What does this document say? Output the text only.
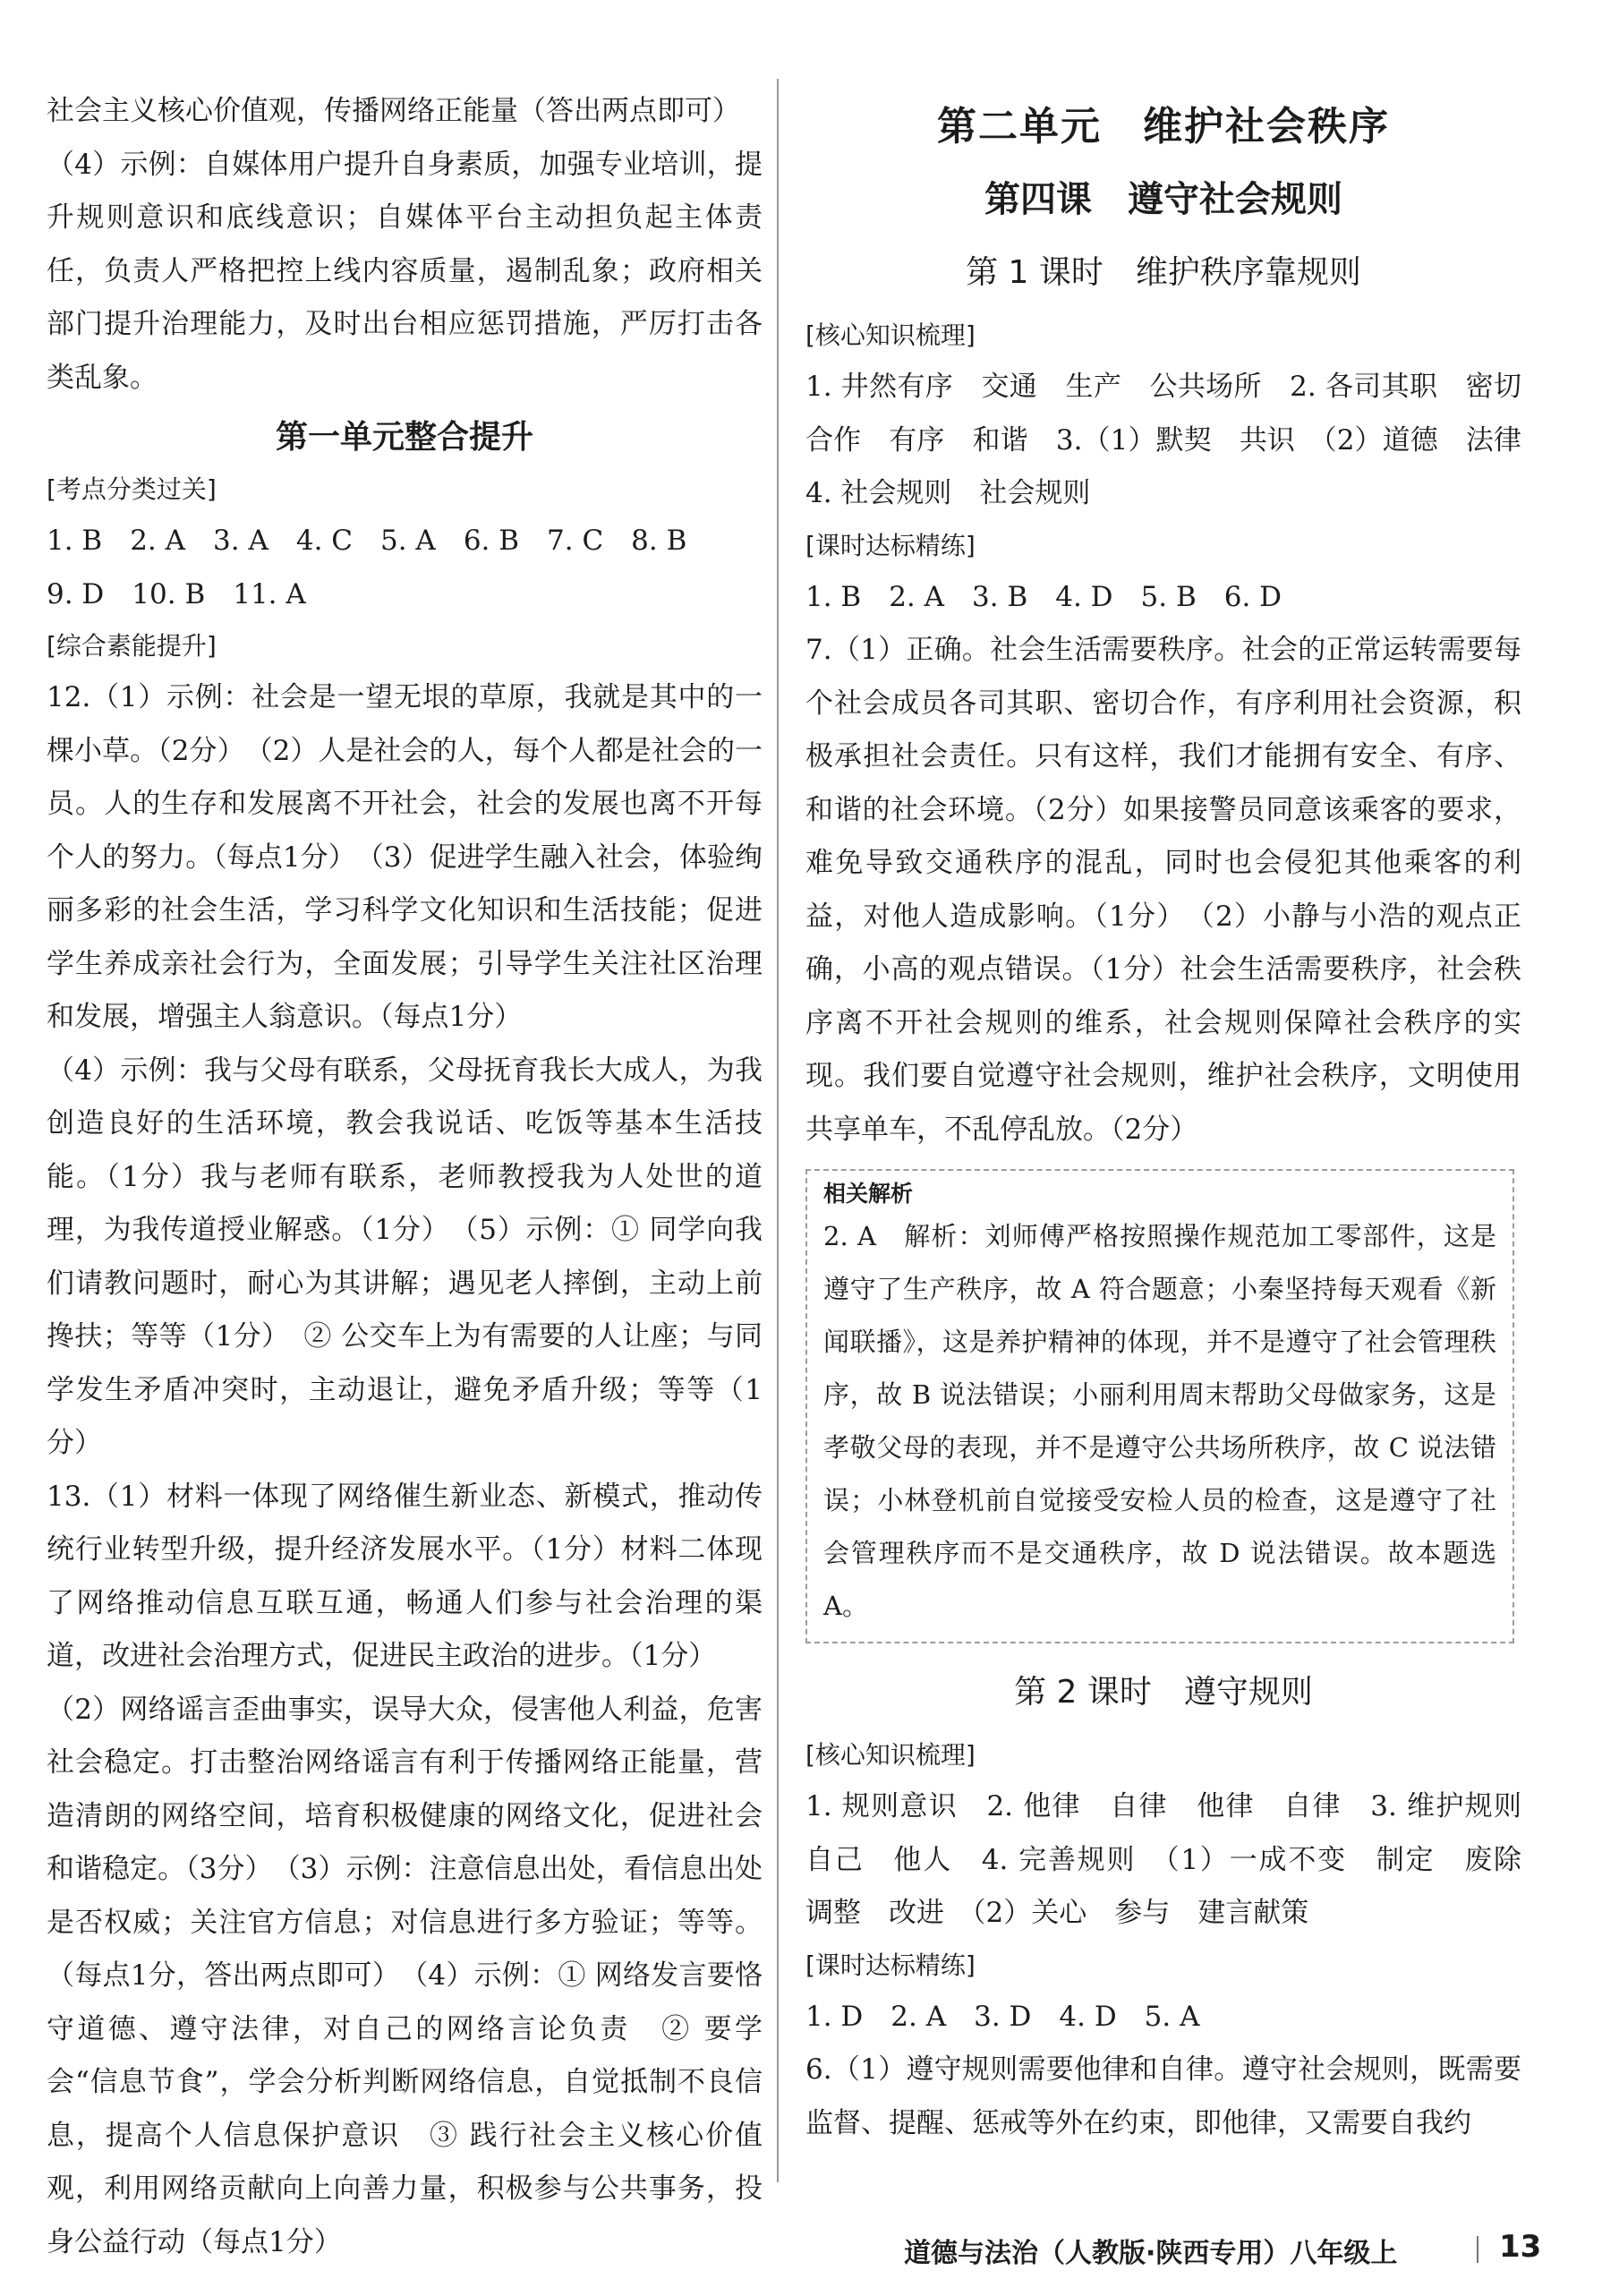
社会主义核心价值观，传播网络正能量（答出两点即可）

（4）示例：自媒体用户提升自身素质，加强专业培训，提升规则意识和底线意识；自媒体平台主动担负起主体责任，负责人严格把控上线内容质量，遏制乱象；政府相关部门提升治理能力，及时出台相应惩罚措施，严厉打击各类乱象。

第一单元整合提升

[考点分类过关]

1. B　2. A　3. A　4. C　5. A　6. B　7. C　8. B

9. D　10. B　11. A

[综合素能提升]

12.（1）示例：社会是一望无垠的草原，我就是其中的一棵小草。（2分）　（2）人是社会的人，每个人都是社会的一员。人的生存和发展离不开社会，社会的发展也离不开每个人的努力。（每点1分）　（3）促进学生融入社会，体验绚丽多彩的社会生活，学习科学文化知识和生活技能；促进学生养成亲社会行为，全面发展；引导学生关注社区治理和发展，增强主人翁意识。（每点1分）

（4）示例：我与父母有联系，父母抚育我长大成人，为我创造良好的生活环境，教会我说话、吃饭等基本生活技能。（1分）我与老师有联系，老师教授我为人处世的道理，为我传道授业解惑。（1分）　（5）示例：① 同学向我们请教问题时，耐心为其讲解；遇见老人摔倒，主动上前搀扶；等等（1分）　② 公交车上为有需要的人让座；与同学发生矛盾冲突时，主动退让，避免矛盾升级；等等（1分）

13.（1）材料一体现了网络催生新业态、新模式，推动传统行业转型升级，提升经济发展水平。（1分）材料二体现了网络推动信息互联互通，畅通人们参与社会治理的渠道，改进社会治理方式，促进民主政治的进步。（1分）

（2）网络谣言歪曲事实，误导大众，侵害他人利益，危害社会稳定。打击整治网络谣言有利于传播网络正能量，营造清朗的网络空间，培育积极健康的网络文化，促进社会和谐稳定。（3分）　（3）示例：注意信息出处，看信息出处是否权威；关注官方信息；对信息进行多方验证；等等。（每点1分，答出两点即可）　（4）示例：① 网络发言要恪守道德、遵守法律，对自己的网络言论负责　② 要学会“信息节食”，学会分析判断网络信息，自觉抵制不良信息，提高个人信息保护意识　③ 践行社会主义核心价值观，利用网络贡献向上向善力量，积极参与公共事务，投身公益行动（每点1分）

第二单元　维护社会秩序
第四课　遵守社会规则
第 1 课时　维护秩序靠规则

[核心知识梳理]

1. 井然有序　交通　生产　公共场所　2. 各司其职　密切合作　有序　和谐　3.（1）默契　共识　（2）道德　法律　4. 社会规则　社会规则

[课时达标精练]

1. B　2. A　3. B　4. D　5. B　6. D

7.（1）正确。社会生活需要秩序。社会的正常运转需要每个社会成员各司其职、密切合作，有序利用社会资源，积极承担社会责任。只有这样，我们才能拥有安全、有序、和谐的社会环境。（2分）如果接警员同意该乘客的要求，难免导致交通秩序的混乱，同时也会侵犯其他乘客的利益，对他人造成影响。（1分）　（2）小静与小浩的观点正确，小高的观点错误。（1分）社会生活需要秩序，社会秩序离不开社会规则的维系，社会规则保障社会秩序的实现。我们要自觉遵守社会规则，维护社会秩序，文明使用共享单车，不乱停乱放。（2分）

相关解析

2. A　解析：刘师傅严格按照操作规范加工零部件，这是遵守了生产秩序，故 A 符合题意；小秦坚持每天观看《新闻联播》，这是养护精神的体现，并不是遵守了社会管理秩序，故 B 说法错误；小丽利用周末帮助父母做家务，这是孝敬父母的表现，并不是遵守公共场所秩序，故 C 说法错误；小林登机前自觉接受安检人员的检查，这是遵守了社会管理秩序而不是交通秩序，故 D 说法错误。故本题选 A。

第 2 课时　遵守规则

[核心知识梳理]

1. 规则意识　2. 他律　自律　他律　自律　3. 维护规则　自己　他人　4. 完善规则　（1）一成不变　制定　废除　调整　改进　（2）关心　参与　建言献策

[课时达标精练]

1. D　2. A　3. D　4. D　5. A

6.（1）遵守规则需要他律和自律。遵守社会规则，既需要监督、提醒、惩戒等外在约束，即他律，又需要自我约

道德与法治（人教版·陕西专用）八年级上	13
